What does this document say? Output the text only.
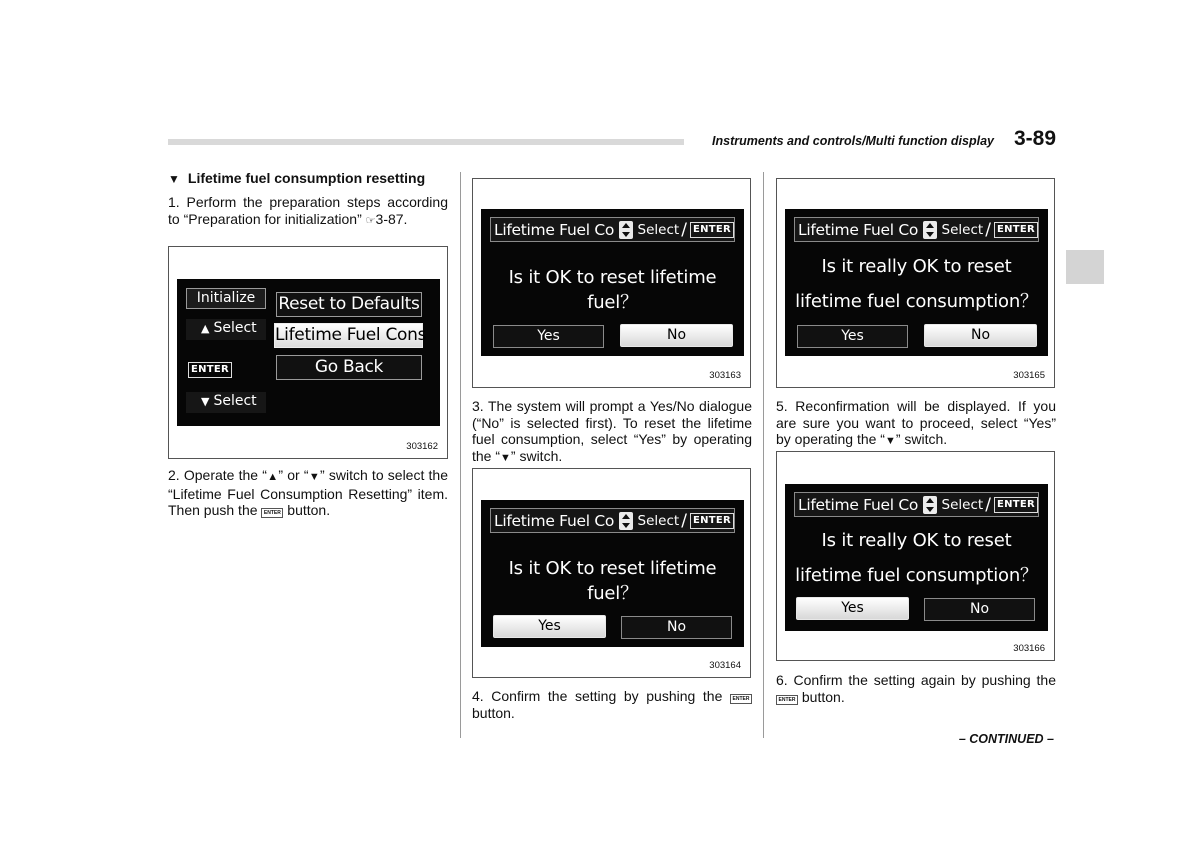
Instruments and controls/Multi function display 3-89
▼ Lifetime fuel consumption resetting
1. Perform the preparation steps according to “Preparation for initialization” ☞3-87.
Initialize
▲ Select
ENTER
▼ Select
Reset to Defaults
Lifetime Fuel Cons
Go Back
303162
2. Operate the “▲” or “▼” switch to select the “Lifetime Fuel Consumption Resetting” item. Then push the ENTER button.
Lifetime Fuel Co Select / ENTER
Is it OK to reset lifetime fuel？
Yes	No
303163
3. The system will prompt a Yes/No dialogue (“No” is selected first). To reset the lifetime fuel consumption, select “Yes” by operating the “▼” switch.
Lifetime Fuel Co Select / ENTER
Is it OK to reset lifetime fuel？
Yes	No
303164
4. Confirm the setting by pushing the ENTER button.
Lifetime Fuel Co Select / ENTER
Is it really OK to reset
lifetime fuel consumption？
Yes	No
303165
5. Reconfirmation will be displayed. If you are sure you want to proceed, select “Yes” by operating the “▼” switch.
Lifetime Fuel Co Select / ENTER
Is it really OK to reset
lifetime fuel consumption？
Yes	No
303166
6. Confirm the setting again by pushing the ENTER button.
– CONTINUED –
